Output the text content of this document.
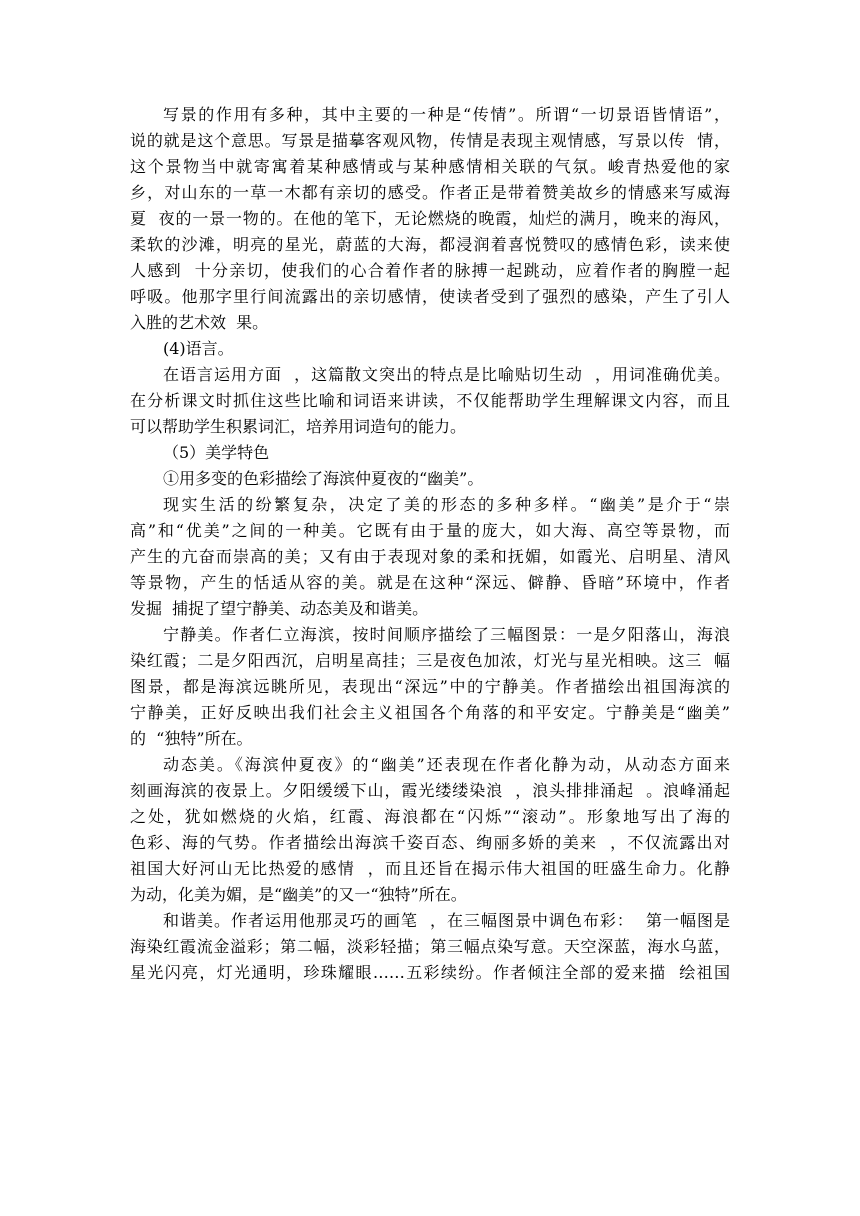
写景的作用有多种，其中主要的一种是“传情”。所谓“一切景语皆情语”，

说的就是这个意思。写景是描摹客观风物，传情是表现主观情感，写景以传  情，

这个景物当中就寄寓着某种感情或与某种感情相关联的气氛。峻青热爱他的家

乡，对山东的一草一木都有亲切的感受。作者正是带着赞美故乡的情感来写威海

夏  夜的一景一物的。在他的笔下，无论燃烧的晚霞，灿烂的满月，晚来的海风，

柔软的沙滩，明亮的星光，蔚蓝的大海，都浸润着喜悦赞叹的感情色彩，读来使

人感到  十分亲切，使我们的心合着作者的脉搏一起跳动，应着作者的胸膛一起

呼吸。他那字里行间流露出的亲切感情，使读者受到了强烈的感染，产生了引人

入胜的艺术效  果。

(4)语言。

在语言运用方面  ，这篇散文突出的特点是比喻贴切生动  ，用词准确优美。

在分析课文时抓住这些比喻和词语来讲读，不仅能帮助学生理解课文内容，而且

可以帮助学生积累词汇，培养用词造句的能力。

（5）美学特色

①用多变的色彩描绘了海滨仲夏夜的“幽美”。

现实生活的纷繁复杂，决定了美的形态的多种多样。“幽美”是介于“崇

高”和“优美”之间的一种美。它既有由于量的庞大，如大海、高空等景物，而

产生的亢奋而崇高的美；又有由于表现对象的柔和抚媚，如霞光、启明星、清风

等景物，产生的恬适从容的美。就是在这种“深远、僻静、昏暗”环境中，作者

发掘  捕捉了望宁静美、动态美及和谐美。

宁静美。作者仁立海滨，按时间顺序描绘了三幅图景：一是夕阳落山，海浪

染红霞；二是夕阳西沉，启明星高挂；三是夜色加浓，灯光与星光相映。这三  幅

图景，都是海滨远眺所见，表现出“深远”中的宁静美。作者描绘出祖国海滨的

宁静美，正好反映出我们社会主义祖国各个角落的和平安定。宁静美是“幽美”

的  “独特”所在。

动态美。《海滨仲夏夜》的“幽美”还表现在作者化静为动，从动态方面来

刻画海滨的夜景上。夕阳缓缓下山，霞光缕缕染浪  ，浪头排排涌起  。浪峰涌起

之处，犹如燃烧的火焰，红霞、海浪都在“闪烁”“滚动”。形象地写出了海的

色彩、海的气势。作者描绘出海滨千姿百态、绚丽多娇的美来  ，不仅流露出对

祖国大好河山无比热爱的感情  ，而且还旨在揭示伟大祖国的旺盛生命力。化静

为动，化美为媚，是“幽美”的又一“独特”所在。

和谐美。作者运用他那灵巧的画笔  ，在三幅图景中调色布彩：  第一幅图是

海染红霞流金溢彩；第二幅，淡彩轻描；第三幅点染写意。天空深蓝，海水乌蓝，

星光闪亮，灯光通明，珍珠耀眼……五彩续纷。作者倾注全部的爱来描  绘祖国
